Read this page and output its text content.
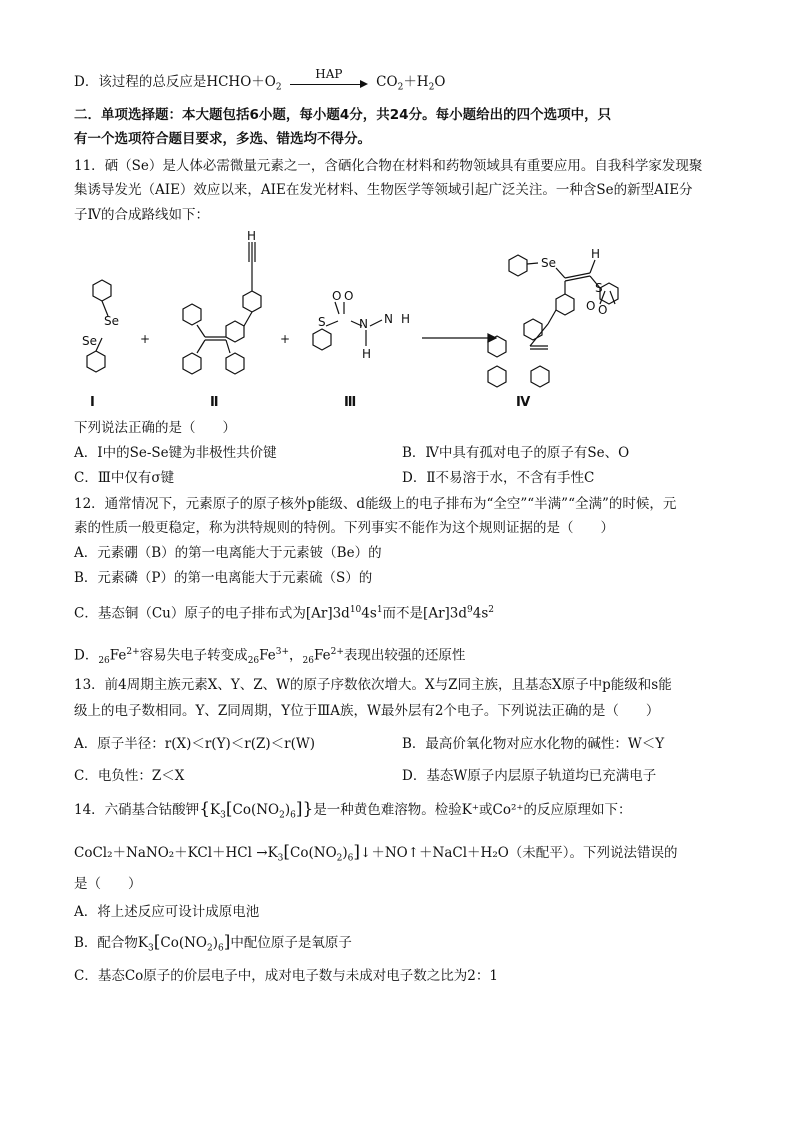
D．该过程的总反应是$HCHO+O_2$
HAP
$CO_2+H_2O$
二．单项选择题：本大题包括6小题，每小题4分，共24分。每小题给出的四个选项中，只
有一个选项符合题目要求，多选、错选均不得分。
11．硒（Se）是人体必需微量元素之一，含硒化合物在材料和药物领域具有重要应用。自我科学家发现聚
集诱导发光（AIE）效应以来，AIE在发光材料、生物医学等领域引起广泛关注。一种含Se的新型AIE分
子Ⅳ的合成路线如下：
Se
Se
H
S
O O
N N
H
H
Se
H
S
O O
+	+
Ⅰ	Ⅱ	Ⅲ	Ⅳ
下列说法正确的是（　　）
A．Ⅰ中的Se-Se键为非极性共价键	B．Ⅳ中具有孤对电子的原子有Se、O
C．Ⅲ中仅有σ键	D．Ⅱ不易溶于水，不含有手性C
12．通常情况下，元素原子的原子核外p能级、d能级上的电子排布为“全空”“半满”“全满”的时候，元
素的性质一般更稳定，称为洪特规则的特例。下列事实不能作为这个规则证据的是（　　）
A．元素硼（B）的第一电离能大于元素铍（Be）的
B．元素磷（P）的第一电离能大于元素硫（S）的
C．基态铜（Cu）原子的电子排布式为$[Ar]3d^{10}4s^1$而不是$[Ar]3d^94s^2$
D．$_{26}Fe^{2+}$容易失电子转变成$_{26}Fe^{3+}$，$_{26}Fe^{2+}$表现出较强的还原性
13．前4周期主族元素X、Y、Z、W的原子序数依次增大。X与Z同主族，且基态X原子中p能级和s能
级上的电子数相同。Y、Z同周期，Y位于ⅢA族，W最外层有2个电子。下列说法正确的是（　　）
A．原子半径：r(X)＜r(Y)＜r(Z)＜r(W)	B．最高价氧化物对应水化物的碱性：W＜Y
C．电负性：Z＜X	D．基态W原子内层原子轨道均已充满电子
14．六硝基合钴酸钾$\{K_3[Co(NO_2)_6]\}$是一种黄色难溶物。检验K⁺或Co²⁺的反应原理如下：
CoCl₂＋NaNO₂＋KCl＋HCl $\to K_3[Co(NO_2)_6]↓+NO↑+NaCl+H_2O$（未配平）。下列说法错误的
是（　　）
A．将上述反应可设计成原电池
B．配合物$K_3[Co(NO_2)_6]$中配位原子是氧原子
C．基态Co原子的价层电子中，成对电子数与未成对电子数之比为2：1
